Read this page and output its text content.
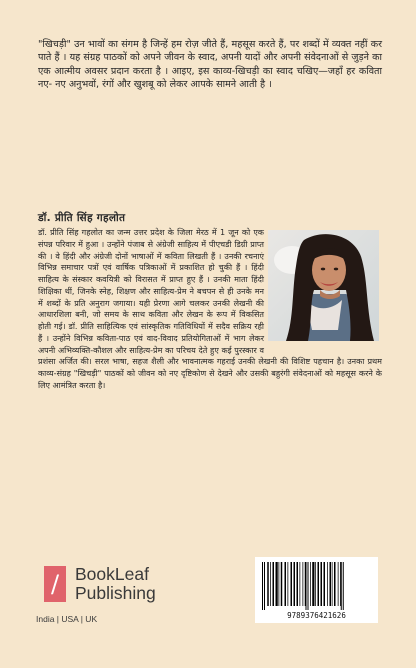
"खिचड़ी" उन भावों का संगम है जिन्हें हम रोज़ जीते हैं, महसूस करते हैं, पर शब्दों में व्यक्त नहीं कर पाते हैं । यह संग्रह पाठकों को अपने जीवन के स्वाद, अपनी यादों और अपनी संवेदनाओं से जुड़ने का एक आत्मीय अवसर प्रदान करता है । आइए, इस काव्य-खिचड़ी का स्वाद चखिए—जहाँ हर कविता नए- नए अनुभवों, रंगों और खुशबू को लेकर आपके सामने आती है ।
डॉ. प्रीति सिंह गहलोत
डॉ. प्रीति सिंह गहलोत का जन्म उत्तर प्रदेश के जिला मेरठ में 1 जून को एक संपन्न परिवार में हुआ । उन्होंने पंजाब से अंग्रेजी साहित्य में पीएचडी डिग्री प्राप्त की । वे हिंदी और अंग्रेजी दोनों भाषाओं में कविता लिखती हैं । उनकी रचनाएं विभिन्न समाचार पत्रों एवं वार्षिक पत्रिकाओं में प्रकाशित हो चुकी हैं । हिंदी साहित्य के संस्कार कवयित्री को विरासत में प्राप्त हुए हैं । उनकी माता हिंदी शिक्षिका थीं, जिनके स्नेह, शिक्षण और साहित्य-प्रेम ने बचपन से ही उनके मन में शब्दों के प्रति अनुराग जगाया। यही प्रेरणा आगे चलकर उनकी लेखनी की आधारशिला बनी, जो समय के साथ कविता और लेखन के रूप में विकसित होती गई। डॉ. प्रीति साहित्यिक एवं सांस्कृतिक गतिविधियों में सदैव सक्रिय रही हैं । उन्होंने विभिन्न कविता-पाठ एवं वाद-विवाद प्रतियोगिताओं में भाग लेकर अपनी अभिव्यक्ति-कौशल और साहित्य-प्रेम का परिचय देते हुए कई पुरस्कार व प्रशंसा अर्जित की। सरल भाषा, सहज शैली और भावनात्मक गहराई उनकी लेखनी की विशिष्ट पहचान है। उनका प्रथम काव्य-संग्रह "खिचड़ी" पाठकों को जीवन को नए दृष्टिकोण से देखने और उसकी बहुरंगी संवेदनाओं को महसूस करने के लिए आमंत्रित करता है।
/ BookLeaf
Publishing
India | USA | UK	9789376421626
